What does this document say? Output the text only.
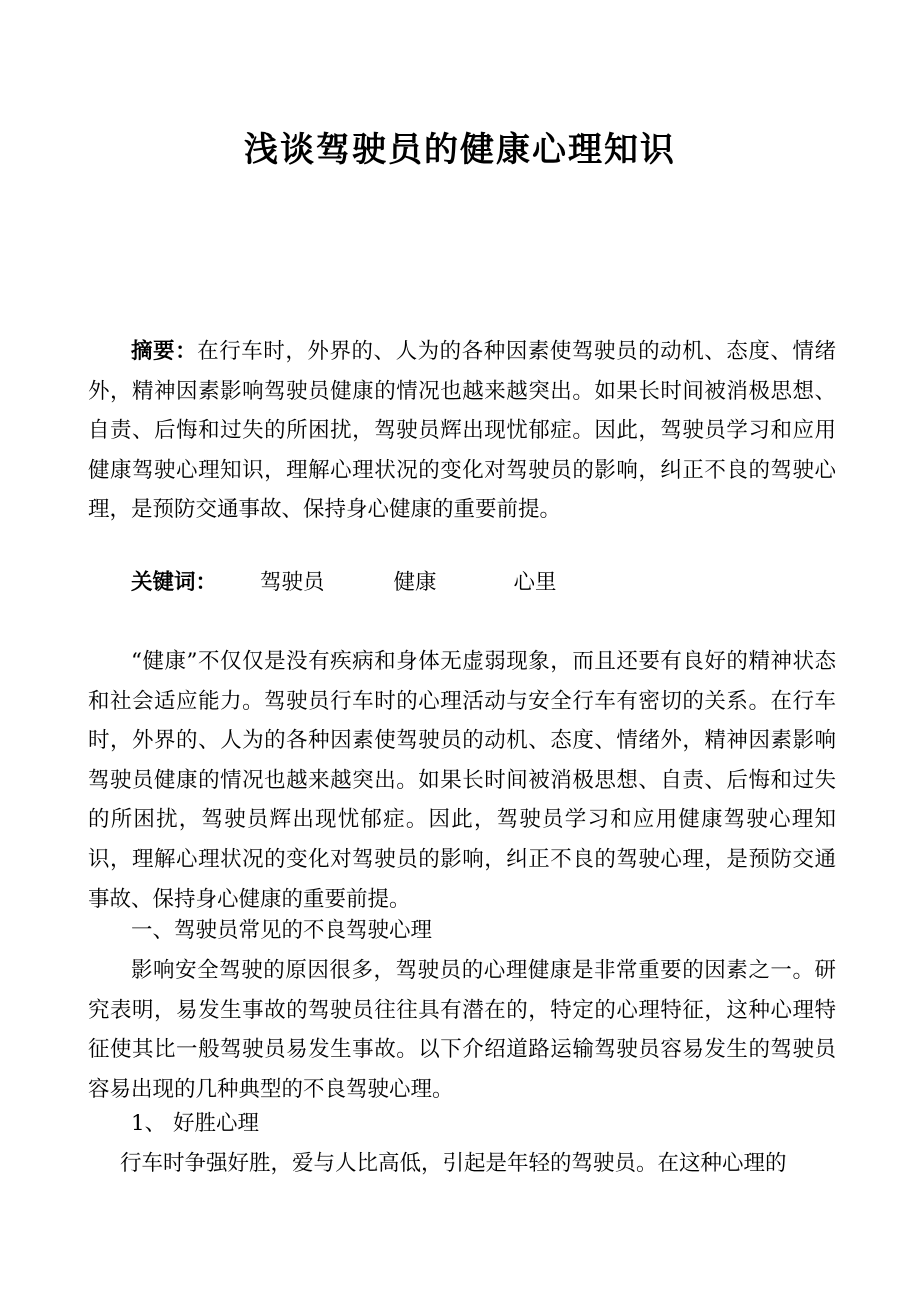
浅谈驾驶员的健康心理知识

摘要：在行车时，外界的、人为的各种因素使驾驶员的动机、态度、情绪外，精神因素影响驾驶员健康的情况也越来越突出。如果长时间被消极思想、自责、后悔和过失的所困扰，驾驶员辉出现忧郁症。因此，驾驶员学习和应用健康驾驶心理知识，理解心理状况的变化对驾驶员的影响，纠正不良的驾驶心理，是预防交通事故、保持身心健康的重要前提。

关键词： 驾驶员	健康	心里

“健康”不仅仅是没有疾病和身体无虚弱现象，而且还要有良好的精神状态和社会适应能力。驾驶员行车时的心理活动与安全行车有密切的关系。在行车时，外界的、人为的各种因素使驾驶员的动机、态度、情绪外，精神因素影响驾驶员健康的情况也越来越突出。如果长时间被消极思想、自责、后悔和过失的所困扰，驾驶员辉出现忧郁症。因此，驾驶员学习和应用健康驾驶心理知识，理解心理状况的变化对驾驶员的影响，纠正不良的驾驶心理，是预防交通事故、保持身心健康的重要前提。

一、驾驶员常见的不良驾驶心理

影响安全驾驶的原因很多，驾驶员的心理健康是非常重要的因素之一。研究表明，易发生事故的驾驶员往往具有潜在的，特定的心理特征，这种心理特征使其比一般驾驶员易发生事故。以下介绍道路运输驾驶员容易发生的驾驶员容易出现的几种典型的不良驾驶心理。

1、 好胜心理

行车时争强好胜，爱与人比高低，引起是年轻的驾驶员。在这种心理的
